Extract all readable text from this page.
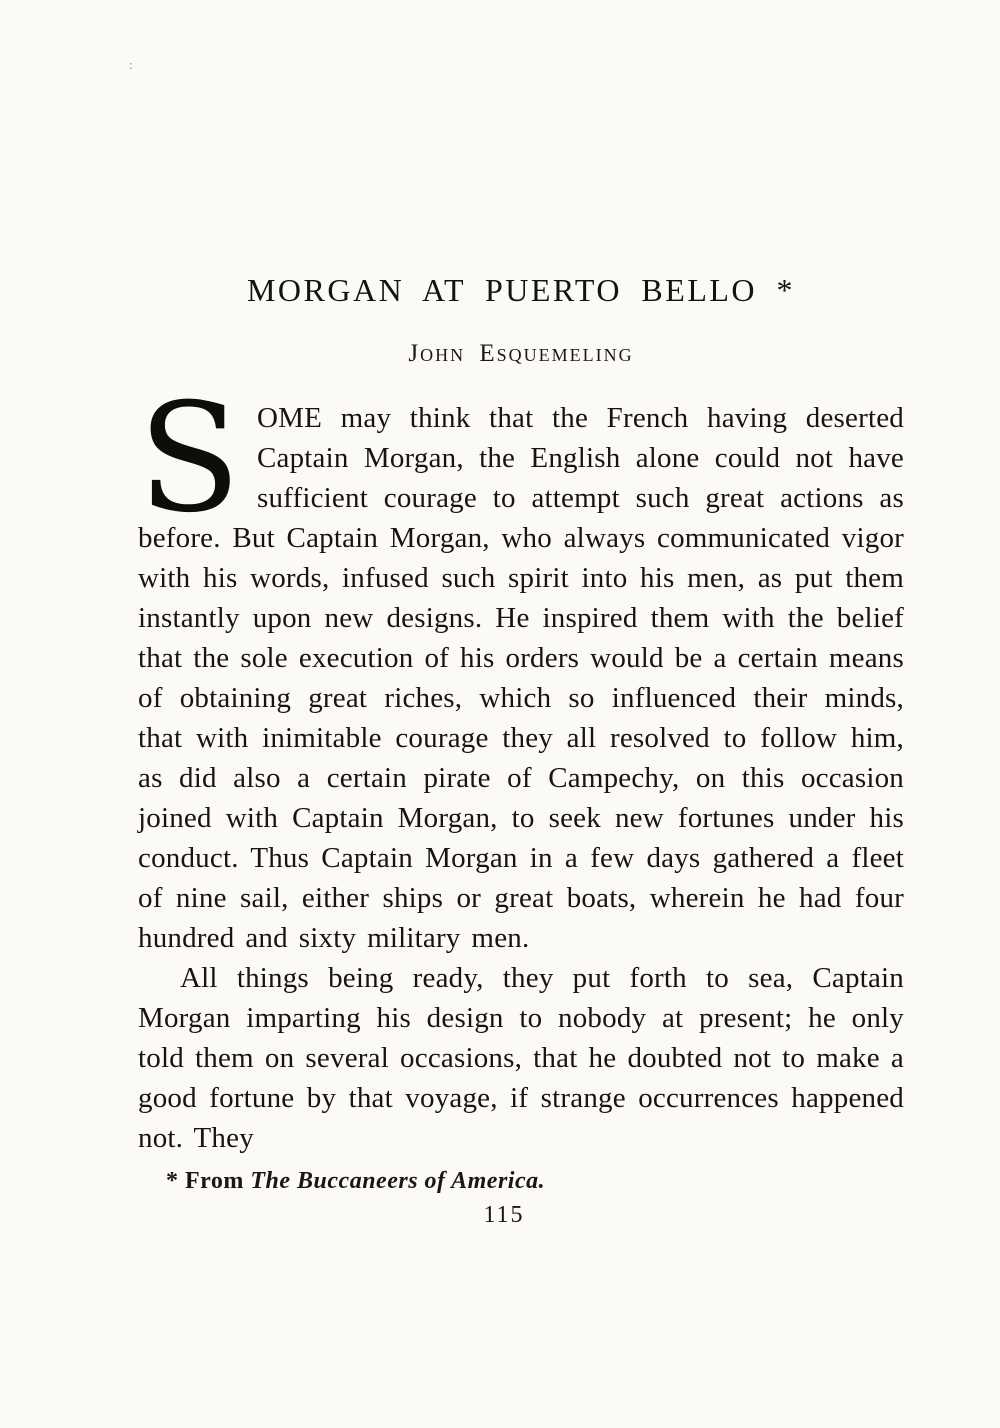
:
MORGAN AT PUERTO BELLO *
John Esquemeling

SOME may think that the French having deserted Captain Morgan, the English alone could not have sufficient courage to attempt such great actions as before. But Captain Morgan, who always communicated vigor with his words, infused such spirit into his men, as put them instantly upon new designs. He inspired them with the belief that the sole execution of his orders would be a certain means of obtaining great riches, which so influenced their minds, that with inimitable courage they all resolved to follow him, as did also a certain pirate of Campechy, on this occasion joined with Captain Morgan, to seek new fortunes under his conduct. Thus Captain Morgan in a few days gathered a fleet of nine sail, either ships or great boats, wherein he had four hundred and sixty military men.

All things being ready, they put forth to sea, Captain Morgan imparting his design to nobody at present; he only told them on several occasions, that he doubted not to make a good fortune by that voyage, if strange occurrences happened not. They

* From The Buccaneers of America.
115
